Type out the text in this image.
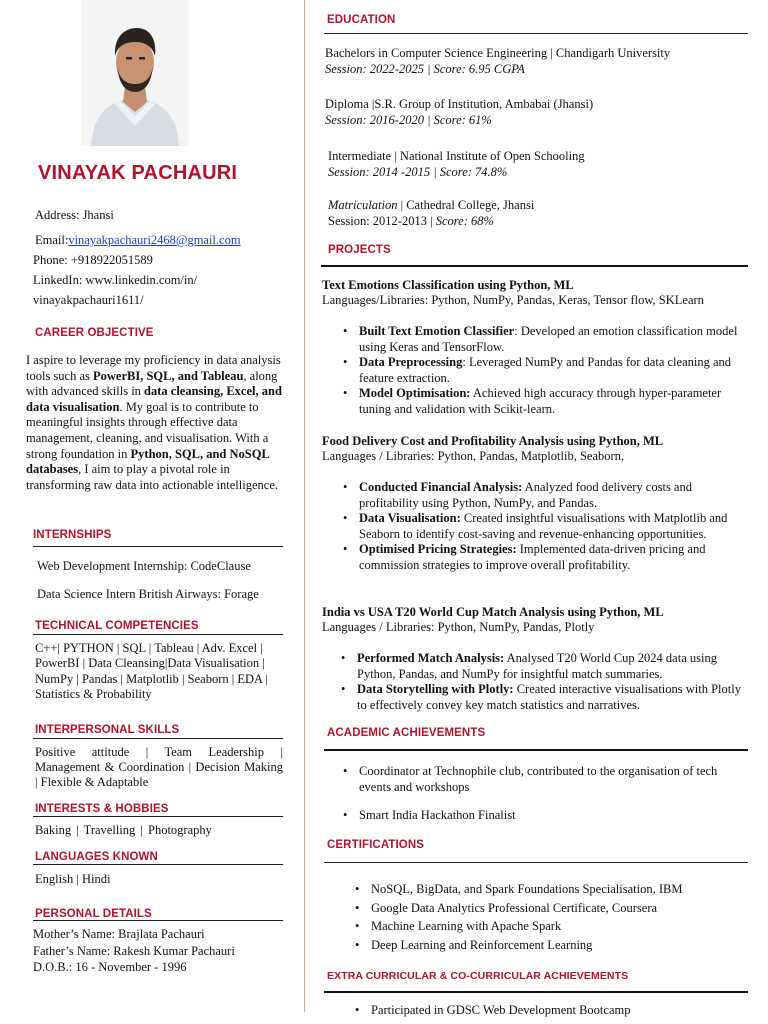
VINAYAK PACHAURI
Address: Jhansi
Email:vinayakpachauri2468@gmail.com
Phone: +918922051589
LinkedIn: www.linkedin.com/in/
vinayakpachauri1611/
CAREER OBJECTIVE
I aspire to leverage my proficiency in data analysis tools such as PowerBI, SQL, and Tableau, along with advanced skills in data cleansing, Excel, and data visualisation. My goal is to contribute to meaningful insights through effective data management, cleaning, and visualisation. With a strong foundation in Python, SQL, and NoSQL databases, I aim to play a pivotal role in transforming raw data into actionable intelligence.
INTERNSHIPS
Web Development Internship: CodeClause
Data Science Intern British Airways: Forage
TECHNICAL COMPETENCIES
C++| PYTHON | SQL | Tableau | Adv. Excel | PowerBI | Data Cleansing|Data Visualisation | NumPy | Pandas | Matplotlib | Seaborn | EDA | Statistics & Probability
INTERPERSONAL SKILLS
Positive attitude | Team Leadership | Management & Coordination | Decision Making | Flexible & Adaptable
INTERESTS & HOBBIES
Baking | Travelling | Photography
LANGUAGES KNOWN
English | Hindi
PERSONAL DETAILS
Mother’s Name: Brajlata Pachauri
Father’s Name: Rakesh Kumar Pachauri
D.O.B.: 16 - November - 1996
EDUCATION
Bachelors in Computer Science Engineering | Chandigarh University
Session: 2022-2025 | Score: 6.95 CGPA
Diploma |S.R. Group of Institution, Ambabai (Jhansi)
Session: 2016-2020 | Score: 61%
Intermediate | National Institute of Open Schooling
Session: 2014 -2015 | Score: 74.8%
Matriculation | Cathedral College, Jhansi
Session: 2012-2013 | Score: 68%
PROJECTS
Text Emotions Classification using Python, ML
Languages/Libraries: Python, NumPy, Pandas, Keras, Tensor flow, SKLearn
• Built Text Emotion Classifier: Developed an emotion classification model using Keras and TensorFlow.
• Data Preprocessing: Leveraged NumPy and Pandas for data cleaning and feature extraction.
• Model Optimisation: Achieved high accuracy through hyper-parameter tuning and validation with Scikit-learn.
Food Delivery Cost and Profitability Analysis using Python, ML
Languages / Libraries: Python, Pandas, Matplotlib, Seaborn,
• Conducted Financial Analysis: Analyzed food delivery costs and profitability using Python, NumPy, and Pandas.
• Data Visualisation: Created insightful visualisations with Matplotlib and Seaborn to identify cost-saving and revenue-enhancing opportunities.
• Optimised Pricing Strategies: Implemented data-driven pricing and commission strategies to improve overall profitability.
India vs USA T20 World Cup Match Analysis using Python, ML
Languages / Libraries: Python, NumPy, Pandas, Plotly
• Performed Match Analysis: Analysed T20 World Cup 2024 data using Python, Pandas, and NumPy for insightful match summaries.
• Data Storytelling with Plotly: Created interactive visualisations with Plotly to effectively convey key match statistics and narratives.
ACADEMIC ACHIEVEMENTS
• Coordinator at Technophile club, contributed to the organisation of tech events and workshops
• Smart India Hackathon Finalist
CERTIFICATIONS
• NoSQL, BigData, and Spark Foundations Specialisation, IBM
• Google Data Analytics Professional Certificate, Coursera
• Machine Learning with Apache Spark
• Deep Learning and Reinforcement Learning
EXTRA CURRICULAR & CO-CURRICULAR ACHIEVEMENTS
• Participated in GDSC Web Development Bootcamp
